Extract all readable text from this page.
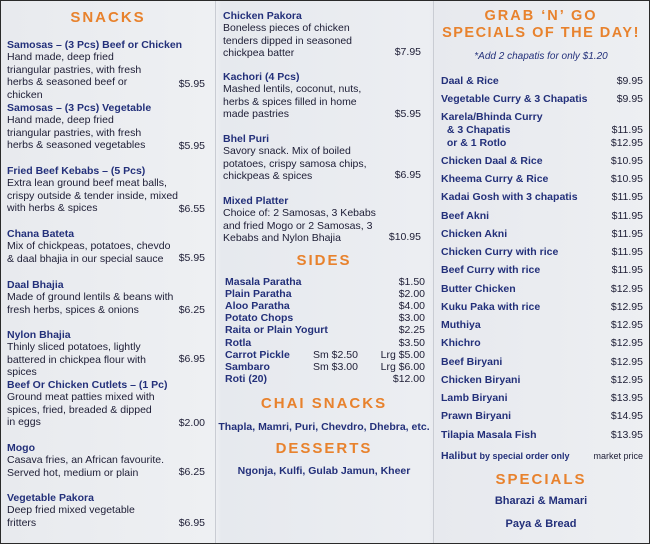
SNACKS
Samosas – (3 Pcs) Beef or Chicken
Hand made, deep fried triangular pastries, with fresh herbs & seasoned beef or chicken
$5.95
Samosas – (3 Pcs) Vegetable
Hand made, deep fried triangular pastries, with fresh herbs & seasoned vegetables	$5.95
Fried Beef Kebabs – (5 Pcs)
Extra lean ground beef meat balls, crispy outside & tender inside, mixed with herbs & spices	$6.55
Chana Bateta
Mix of chickpeas, potatoes, chevdo & daal bhajia in our special sauce	$5.95
Daal Bhajia
Made of ground lentils & beans with fresh herbs, spices & onions	$6.25
Nylon Bhajia
Thinly sliced potatoes, lightly battered in chickpea flour with spices
$6.95
Beef Or Chicken Cutlets – (1 Pc)
Ground meat patties mixed with spices, fried, breaded & dipped in eggs	$2.00
Mogo
Casava fries, an African favourite. Served hot, medium or plain	$6.25
Vegetable Pakora
Deep fried mixed vegetable fritters	$6.95
Chicken Pakora
Boneless pieces of chicken tenders dipped in seasoned chickpea batter	$7.95
Kachori (4 Pcs)
Mashed lentils, coconut, nuts, herbs & spices filled in home made pastries	$5.95
Bhel Puri
Savory snack. Mix of boiled potatoes, crispy samosa chips, chickpeas & spices	$6.95
Mixed Platter
Choice of: 2 Samosas, 3 Kebabs and fried Mogo or 2 Samosas, 3 Kebabs and Nylon Bhajia	$10.95
SIDES
Masala Paratha	$1.50
Plain Paratha	$2.00
Aloo Paratha	$4.00
Potato Chops	$3.00
Raita or Plain Yogurt	$2.25
Rotla	$3.50
Carrot Pickle Sm $2.50 Lrg $5.00
Sambaro	Sm $3.00 Lrg $6.00
Roti (20)	$12.00
CHAI SNACKS
Thapla, Mamri, Puri, Chevdro, Dhebra, etc.
DESSERTS
Ngonja, Kulfi, Gulab Jamun, Kheer
GRAB ‘N’ GO
SPECIALS OF THE DAY!
*Add 2 chapatis for only $1.20
Daal & Rice	$9.95
Vegetable Curry & 3 Chapatis	$9.95
Karela/Bhinda Curry
& 3 Chapatis	$11.95
or & 1 Rotlo	$12.95
Chicken Daal & Rice	$10.95
Kheema Curry & Rice	$10.95
Kadai Gosh with 3 chapatis	$11.95
Beef Akni	$11.95
Chicken Akni	$11.95
Chicken Curry with rice	$11.95
Beef Curry with rice	$11.95
Butter Chicken	$12.95
Kuku Paka with rice	$12.95
Muthiya	$12.95
Khichro	$12.95
Beef Biryani	$12.95
Chicken Biryani	$12.95
Lamb Biryani	$13.95
Prawn Biryani	$14.95
Tilapia Masala Fish	$13.95
Halibut by special order only	market price
SPECIALS
Bharazi & Mamari
Paya & Bread
